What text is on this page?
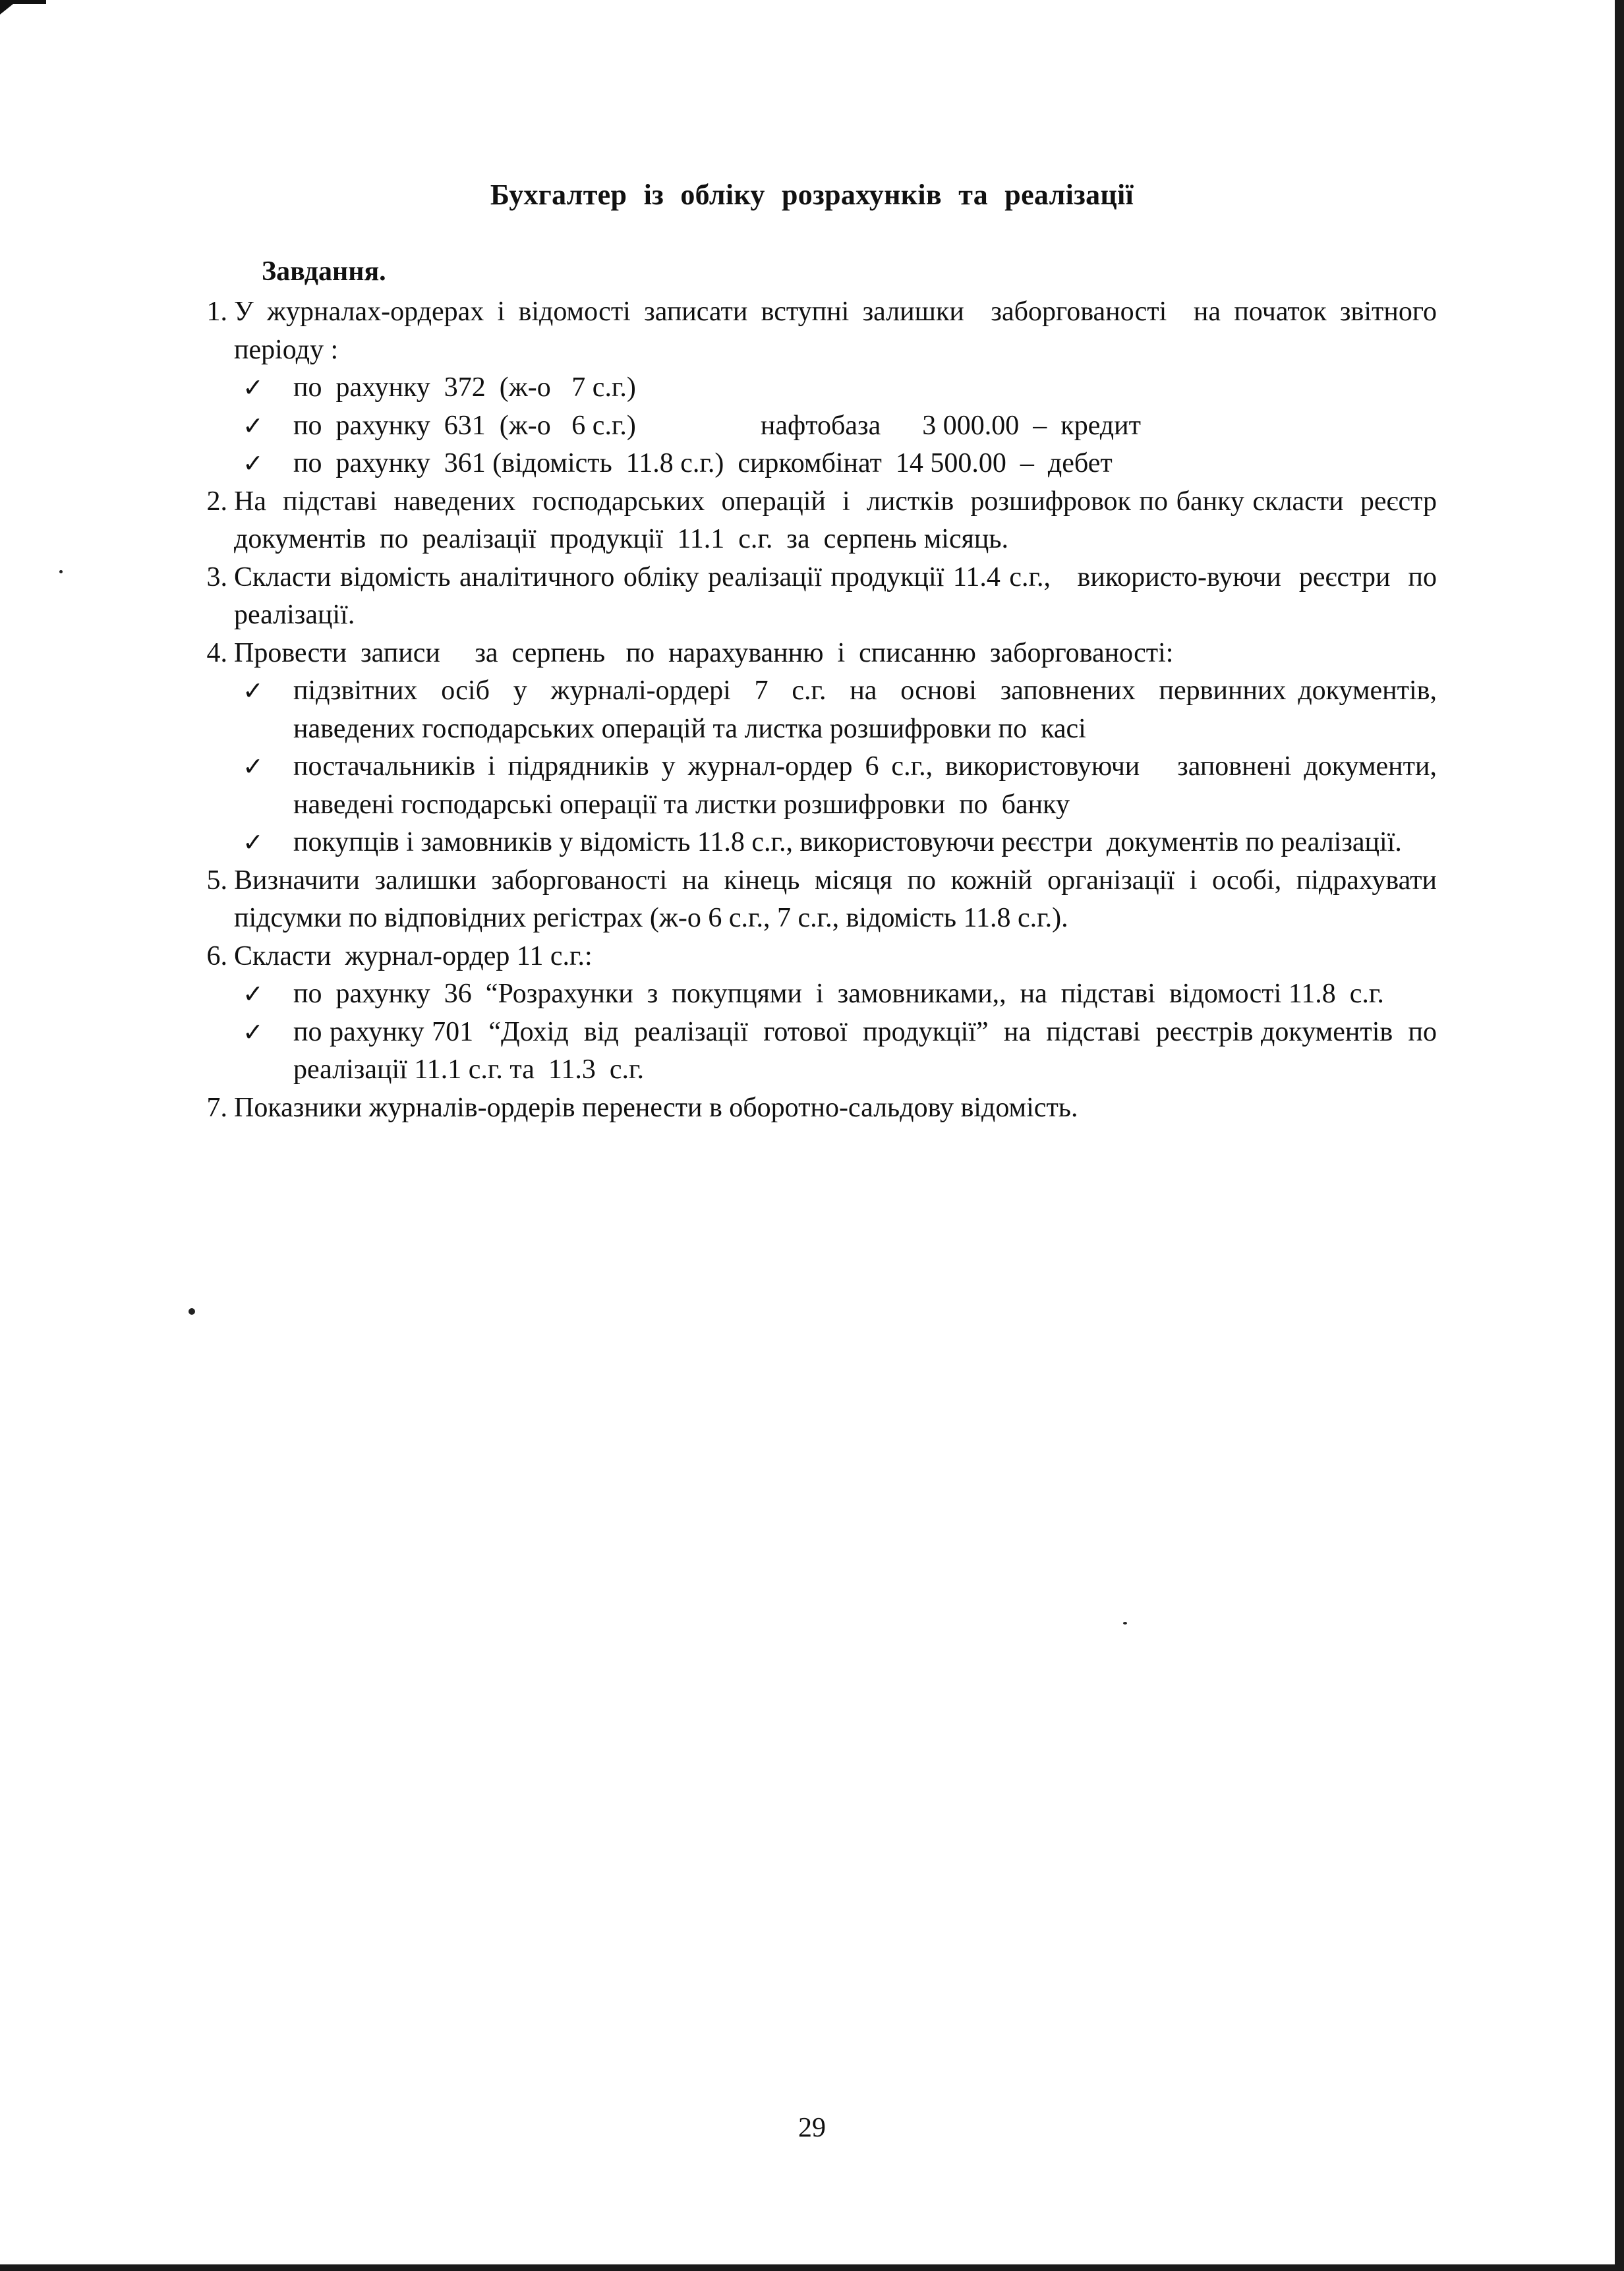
Бухгалтер із обліку розрахунків та реалізації
Завдання.
1. У журналах-ордерах і відомості записати вступні залишки  заборгованості  на початок звітного  періоду :
✓	по  рахунку  372  (ж-о   7 с.г.)
✓	по  рахунку  631  (ж-о   6 с.г.)                  нафтобаза      3 000.00  –  кредит
✓	по  рахунку  361 (відомість  11.8 с.г.)  сиркомбінат  14 500.00  –  дебет
2. На  підставі  наведених  господарських  операцій  і  листків  розшифровок по банку скласти  реєстр  документів  по  реалізації  продукції  11.1  с.г.  за  серпень місяць.
3. Скласти відомість аналітичного обліку реалізації продукції 11.4 с.г.,   використо-вуючи  реєстри  по  реалізації.
4. Провести  записи     за  серпень   по  нарахуванню  і  списанню  заборгованості:
✓	підзвітних  осіб  у  журналі-ордері  7  с.г.  на  основі  заповнених  первинних документів, наведених господарських операцій та листка розшифровки по  касі
✓	постачальників і підрядників у журнал-ордер 6 с.г., використовуючи   заповнені документи, наведені господарські операції та листки розшифровки  по  банку
✓	покупців і замовників у відомість 11.8 с.г., використовуючи реєстри  документів по реалізації.
5. Визначити залишки заборгованості на кінець місяця по кожній організації і особі, підрахувати підсумки по відповідних регістрах (ж-о 6 с.г., 7 с.г., відомість 11.8 с.г.).
6. Скласти  журнал-ордер 11 с.г.:
✓	по  рахунку  36  “Розрахунки  з  покупцями  і  замовниками,,  на  підставі  відомості 11.8  с.г.
✓	по рахунку 701  “Дохід  від  реалізації  готової  продукції”  на  підставі  реєстрів документів  по  реалізації 11.1 с.г. та  11.3  с.г.
7. Показники журналів-ордерів перенести в оборотно-сальдову відомість.
29
